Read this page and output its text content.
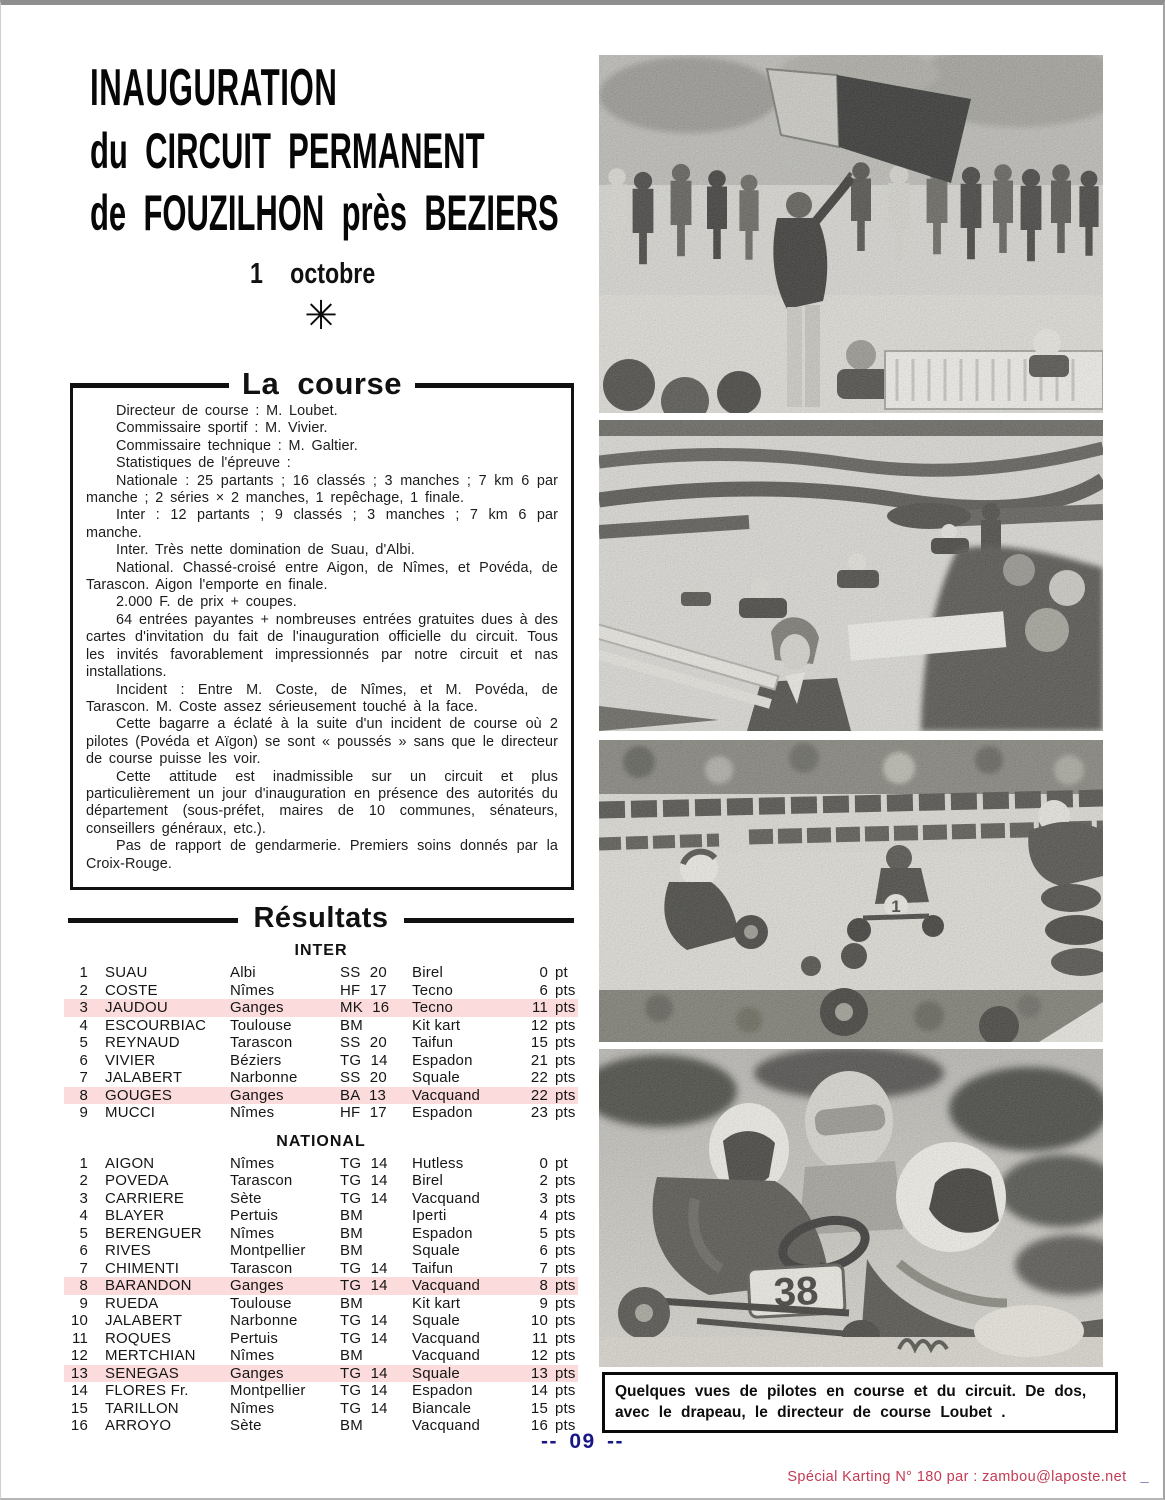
INAUGURATION
du CIRCUIT PERMANENT
de FOUZILHON près BEZIERS
1 octobre
✳
La course

Directeur de course : M. Loubet.

Commissaire sportif : M. Vivier.

Commissaire technique : M. Galtier.

Statistiques de l'épreuve :

Nationale : 25 partants ; 16 classés ; 3 manches ; 7 km 6 par manche ; 2 séries × 2 manches, 1 repêchage, 1 finale.

Inter : 12 partants ; 9 classés ; 3 manches ; 7 km 6 par manche.

Inter. Très nette domination de Suau, d'Albi.

National. Chassé-croisé entre Aigon, de Nîmes, et Povéda, de Tarascon. Aigon l'emporte en finale.

2.000 F. de prix + coupes.

64 entrées payantes + nombreuses entrées gratuites dues à des cartes d'invitation du fait de l'inauguration officielle du circuit. Tous les invités favorablement impressionnés par notre circuit et nas installations.

Incident : Entre M. Coste, de Nîmes, et M. Povéda, de Tarascon. M. Coste assez sérieusement touché à la face.

Cette bagarre a éclaté à la suite d'un incident de course où 2 pilotes (Povéda et Aïgon) se sont « poussés » sans que le directeur de course puisse les voir.

Cette attitude est inadmissible sur un circuit et plus particulièrement un jour d'inauguration en présence des autorités du département (sous-préfet, maires de 10 communes, sénateurs, conseillers généraux, etc.).

Pas de rapport de gendarmerie. Premiers soins donnés par la Croix-Rouge.

Résultats
INTER
1	SUAU	Albi	SS 20	Birel	0 pt
2	COSTE	Nîmes	HF 17	Tecno	6 pts
3	JAUDOU	Ganges	MK 16	Tecno	11 pts
4	ESCOURBIAC	Toulouse	BM	Kit kart	12 pts
5	REYNAUD	Tarascon	SS 20	Taifun	15 pts
6	VIVIER	Béziers	TG 14	Espadon	21 pts
7	JALABERT	Narbonne	SS 20	Squale	22 pts
8	GOUGES	Ganges	BA 13	Vacquand	22 pts
9	MUCCI	Nîmes	HF 17	Espadon	23 pts
NATIONAL
1	AIGON	Nîmes	TG 14	Hutless	0 pt
2	POVEDA	Tarascon	TG 14	Birel	2 pts
3	CARRIERE	Sète	TG 14	Vacquand	3 pts
4	BLAYER	Pertuis	BM	Iperti	4 pts
5	BERENGUER	Nîmes	BM	Espadon	5 pts
6	RIVES	Montpellier	BM	Squale	6 pts
7	CHIMENTI	Tarascon	TG 14	Taifun	7 pts
8	BARANDON	Ganges	TG 14	Vacquand	8 pts
9	RUEDA	Toulouse	BM	Kit kart	9 pts
10	JALABERT	Narbonne	TG 14	Squale	10 pts
11	ROQUES	Pertuis	TG 14	Vacquand	11 pts
12	MERTCHIAN	Nîmes	BM	Vacquand	12 pts
13	SENEGAS	Ganges	TG 14	Squale	13 pts
14	FLORES Fr.	Montpellier	TG 14	Espadon	14 pts
15	TARILLON	Nîmes	TG 14	Biancale	15 pts
16	ARROYO	Sète	BM	Vacquand	16 pts
Quelques vues de pilotes en course et du circuit. De dos,
avec le drapeau, le directeur de course Loubet .
-- 09 --
Spécial Karting N° 180 par : zambou@laposte.net _
